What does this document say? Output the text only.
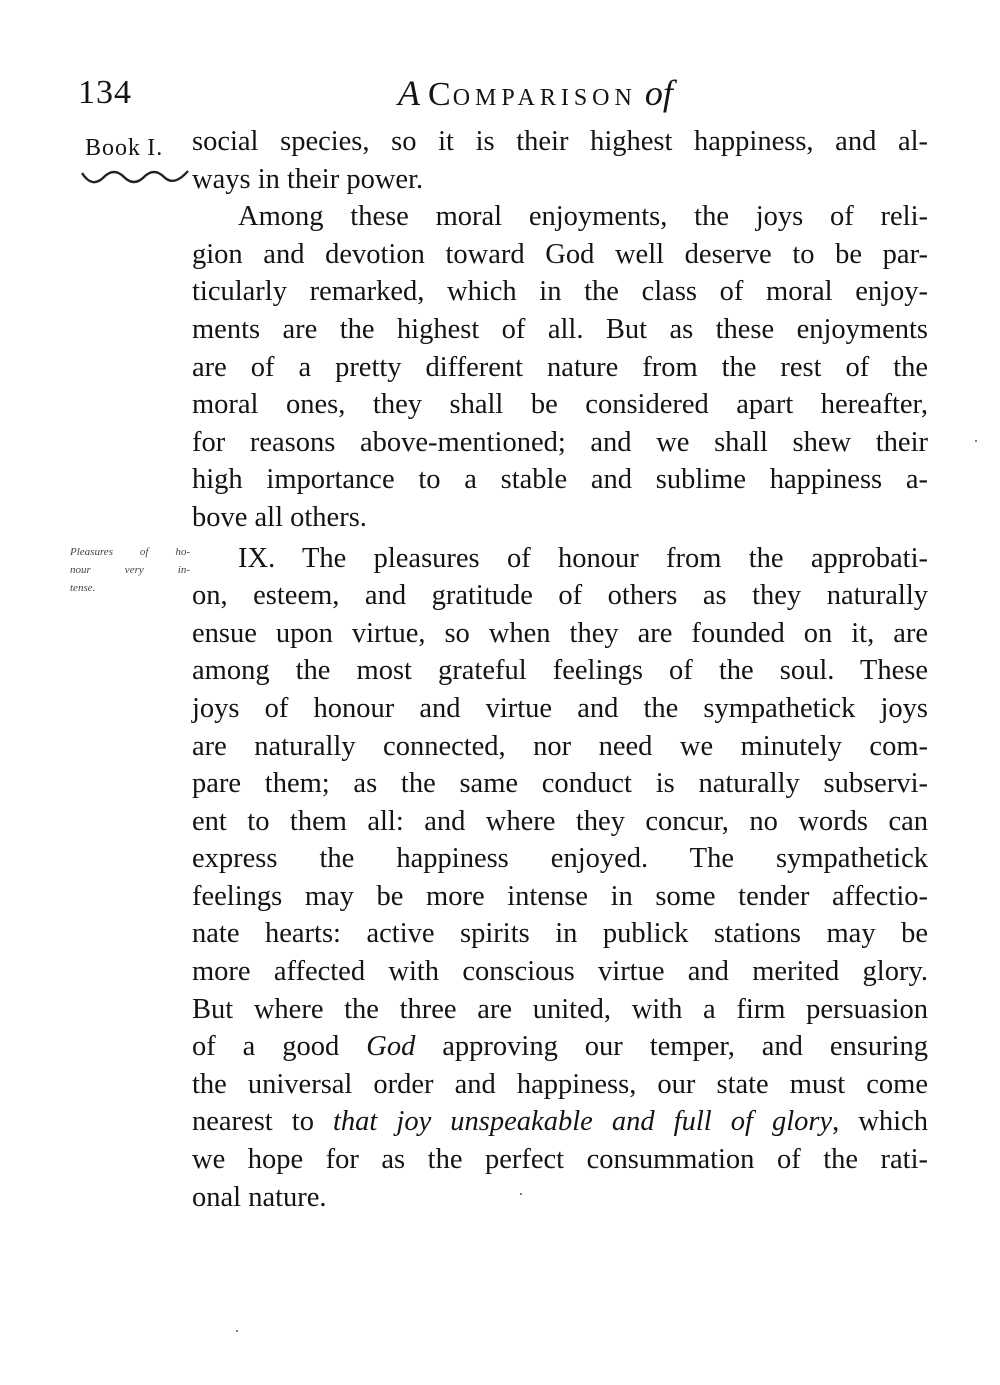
134	A COMPARISON of
Book I.
Pleasures of ho-
nour very in-
tense.
social species, so it is their highest happiness, and al-
ways in their power.
Among these moral enjoyments, the joys of reli-
gion and devotion toward God well deserve to be par-
ticularly remarked, which in the class of moral enjoy-
ments are the highest of all. But as these enjoyments
are of a pretty different nature from the rest of the
moral ones, they shall be considered apart hereafter,
for reasons above-mentioned; and we shall shew their
high importance to a stable and sublime happiness a-
bove all others.
IX. The pleasures of honour from the approbati-
on, esteem, and gratitude of others as they naturally
ensue upon virtue, so when they are founded on it, are
among the most grateful feelings of the soul. These
joys of honour and virtue and the sympathetick joys
are naturally connected, nor need we minutely com-
pare them; as the same conduct is naturally subservi-
ent to them all: and where they concur, no words can
express the happiness enjoyed. The sympathetick
feelings may be more intense in some tender affectio-
nate hearts: active spirits in publick stations may be
more affected with conscious virtue and merited glory.
But where the three are united, with a firm persuasion
of a good God approving our temper, and ensuring
the universal order and happiness, our state must come
nearest to that joy unspeakable and full of glory, which
we hope for as the perfect consummation of the rati-
onal nature.
